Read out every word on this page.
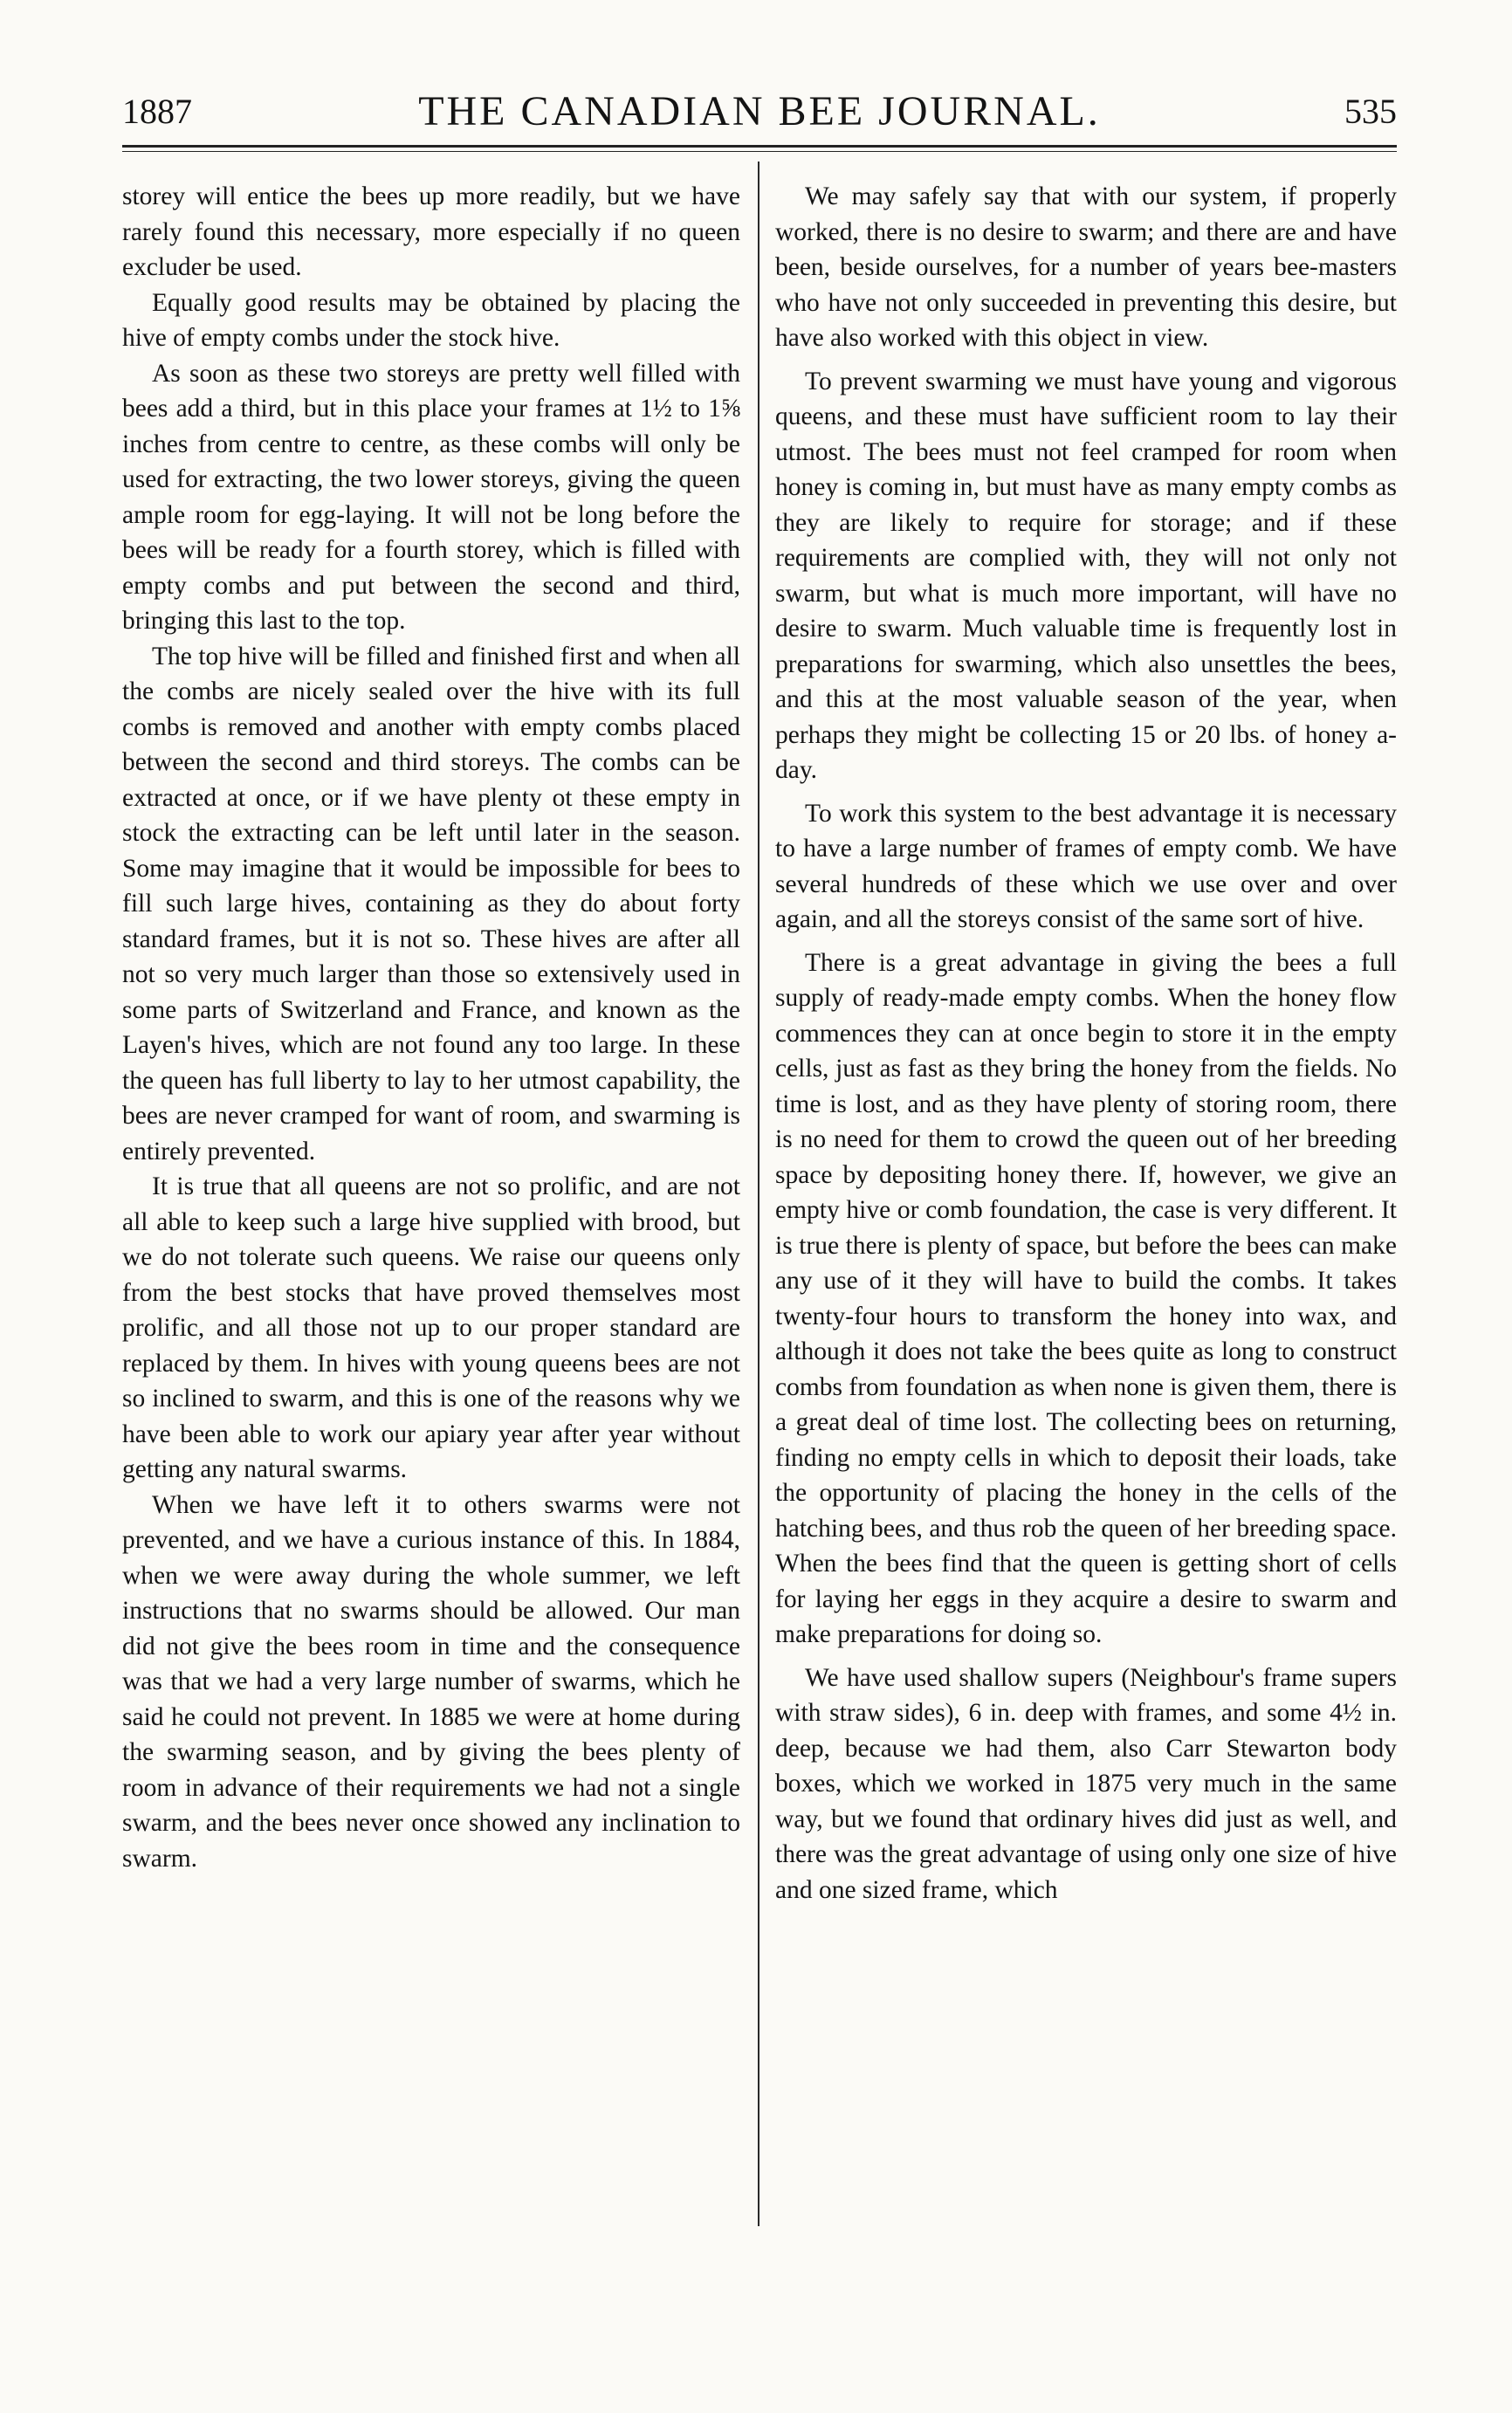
1887	THE CANADIAN BEE JOURNAL.	535

storey will entice the bees up more readily, but we have rarely found this necessary, more especially if no queen excluder be used.

Equally good results may be obtained by placing the hive of empty combs under the stock hive.

As soon as these two storeys are pretty well filled with bees add a third, but in this place your frames at 1½ to 1⅝ inches from centre to centre, as these combs will only be used for extracting, the two lower storeys, giving the queen ample room for egg-laying. It will not be long before the bees will be ready for a fourth storey, which is filled with empty combs and put between the second and third, bringing this last to the top.

The top hive will be filled and finished first and when all the combs are nicely sealed over the hive with its full combs is removed and another with empty combs placed between the second and third storeys. The combs can be extracted at once, or if we have plenty ot these empty in stock the extracting can be left until later in the season. Some may imagine that it would be impossible for bees to fill such large hives, containing as they do about forty standard frames, but it is not so. These hives are after all not so very much larger than those so extensively used in some parts of Switzerland and France, and known as the Layen's hives, which are not found any too large. In these the queen has full liberty to lay to her utmost capability, the bees are never cramped for want of room, and swarming is entirely prevented.

It is true that all queens are not so prolific, and are not all able to keep such a large hive supplied with brood, but we do not tolerate such queens. We raise our queens only from the best stocks that have proved themselves most prolific, and all those not up to our proper standard are replaced by them. In hives with young queens bees are not so inclined to swarm, and this is one of the reasons why we have been able to work our apiary year after year without getting any natural swarms.

When we have left it to others swarms were not prevented, and we have a curious instance of this. In 1884, when we were away during the whole summer, we left instructions that no swarms should be allowed. Our man did not give the bees room in time and the consequence was that we had a very large number of swarms, which he said he could not prevent. In 1885 we were at home during the swarming season, and by giving the bees plenty of room in advance of their requirements we had not a single swarm, and the bees never once showed any inclination to swarm.

We may safely say that with our system, if properly worked, there is no desire to swarm; and there are and have been, beside ourselves, for a number of years bee-masters who have not only succeeded in preventing this desire, but have also worked with this object in view.

To prevent swarming we must have young and vigorous queens, and these must have sufficient room to lay their utmost. The bees must not feel cramped for room when honey is coming in, but must have as many empty combs as they are likely to require for storage; and if these requirements are complied with, they will not only not swarm, but what is much more important, will have no desire to swarm. Much valuable time is frequently lost in preparations for swarming, which also unsettles the bees, and this at the most valuable season of the year, when perhaps they might be collecting 15 or 20 lbs. of honey a-day.

To work this system to the best advantage it is necessary to have a large number of frames of empty comb. We have several hundreds of these which we use over and over again, and all the storeys consist of the same sort of hive.

There is a great advantage in giving the bees a full supply of ready-made empty combs. When the honey flow commences they can at once begin to store it in the empty cells, just as fast as they bring the honey from the fields. No time is lost, and as they have plenty of storing room, there is no need for them to crowd the queen out of her breeding space by depositing honey there. If, however, we give an empty hive or comb foundation, the case is very different. It is true there is plenty of space, but before the bees can make any use of it they will have to build the combs. It takes twenty-four hours to transform the honey into wax, and although it does not take the bees quite as long to construct combs from foundation as when none is given them, there is a great deal of time lost. The collecting bees on returning, finding no empty cells in which to deposit their loads, take the opportunity of placing the honey in the cells of the hatching bees, and thus rob the queen of her breeding space. When the bees find that the queen is getting short of cells for laying her eggs in they acquire a desire to swarm and make preparations for doing so.

We have used shallow supers (Neighbour's frame supers with straw sides), 6 in. deep with frames, and some 4½ in. deep, because we had them, also Carr Stewarton body boxes, which we worked in 1875 very much in the same way, but we found that ordinary hives did just as well, and there was the great advantage of using only one size of hive and one sized frame, which
